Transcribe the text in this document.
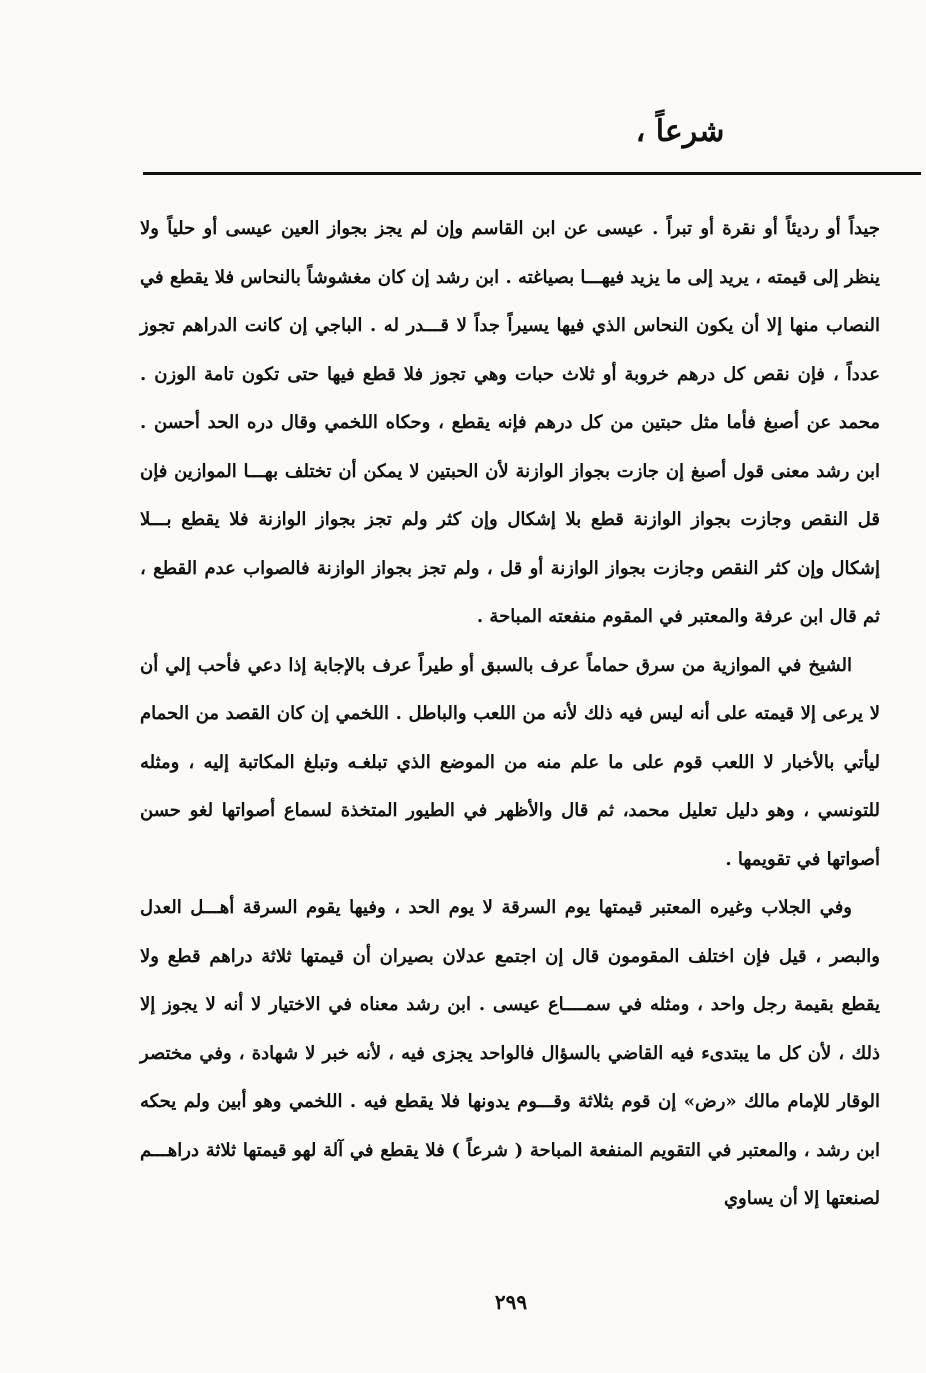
شرعاً ،

جيداً أو رديئاً أو نقرة أو تبراً . عيسى عن ابن القاسم وإن لم يجز بجواز العين عيسى أو حلياً ولا ينظر إلى قيمته ، يريد إلى ما يزيد فيهـــا بصياغته . ابن رشد إن كان مغشوشاً بالنحاس فلا يقطع في النصاب منها إلا أن يكون النحاس الذي فيها يسيراً جداً لا قـــدر له . الباجي إن كانت الدراهم تجوز عدداً ، فإن نقص كل درهم خروبة أو ثلاث حبات وهي تجوز فلا قطع فيها حتى تكون تامة الوزن . محمد عن أصبغ فأما مثل حبتين من كل درهم فإنه يقطع ، وحكاه اللخمي وقال دره الحد أحسن . ابن رشد معنى قول أصبغ إن جازت بجواز الوازنة لأن الحبتين لا يمكن أن تختلف بهـــا الموازين فإن قل النقص وجازت بجواز الوازنة قطع بلا إشكال وإن كثر ولم تجز بجواز الوازنة فلا يقطع بـــلا إشكال وإن كثر النقص وجازت بجواز الوازنة أو قل ، ولم تجز بجواز الوازنة فالصواب عدم القطع ، ثم قال ابن عرفة والمعتبر في المقوم منفعته المباحة .

الشيخ في الموازية من سرق حماماً عرف بالسبق أو طيراً عرف بالإجابة إذا دعي فأحب إلي أن لا يرعى إلا قيمته على أنه ليس فيه ذلك لأنه من اللعب والباطل . اللخمي إن كان القصد من الحمام ليأتي بالأخبار لا اللعب قوم على ما علم منه من الموضع الذي تبلغـه وتبلغ المكاتبة إليه ، ومثله للتونسي ، وهو دليل تعليل محمد، ثم قال والأظهر في الطيور المتخذة لسماع أصواتها لغو حسن أصواتها في تقويمها .

وفي الجلاب وغيره المعتبر قيمتها يوم السرقة لا يوم الحد ، وفيها يقوم السرقة أهـــل العدل والبصر ، قيل فإن اختلف المقومون قال إن اجتمع عدلان بصيران أن قيمتها ثلاثة دراهم قطع ولا يقطع بقيمة رجل واحد ، ومثله في سمــــاع عيسى . ابن رشد معناه في الاختيار لا أنه لا يجوز إلا ذلك ، لأن كل ما يبتدىء فيه القاضي بالسؤال فالواحد يجزى فيه ، لأنه خبر لا شهادة ، وفي مختصر الوقار للإمام مالك «رض» إن قوم بثلاثة وقـــوم يدونها فلا يقطع فيه . اللخمي وهو أبين ولم يحكه ابن رشد ، والمعتبر في التقويم المنفعة المباحة ( شرعاً ) فلا يقطع في آلة لهو قيمتها ثلاثة دراهـــم لصنعتها إلا أن يساوي

٢٩٩
